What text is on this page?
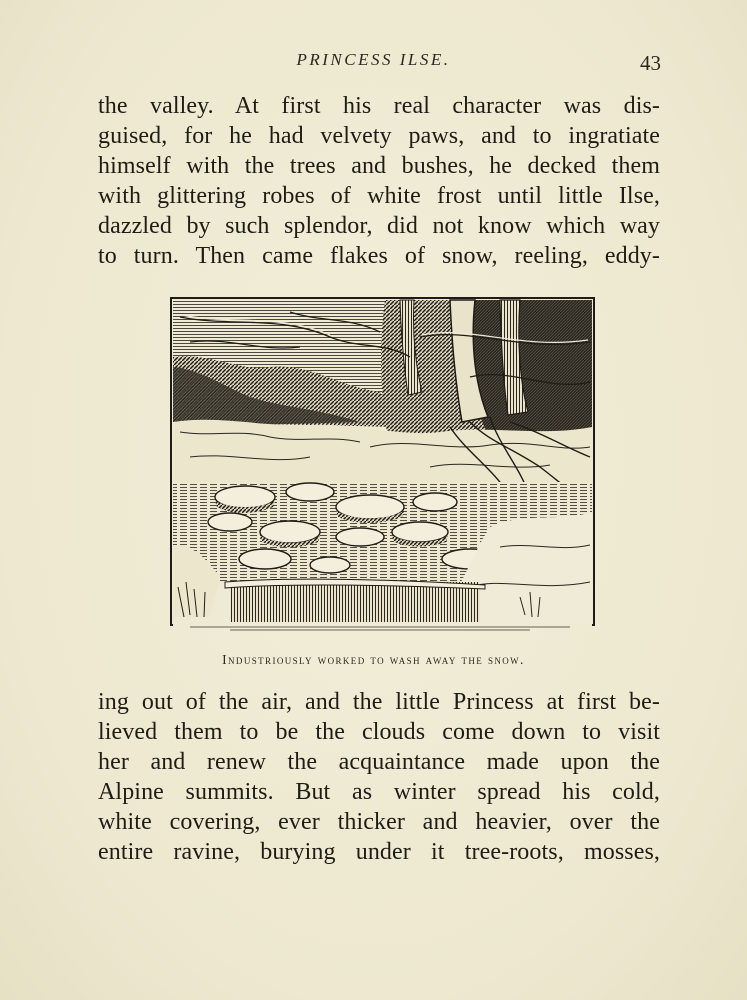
PRINCESS ILSE.	43
the valley. At first his real character was dis-
guised, for he had velvety paws, and to ingratiate
himself with the trees and bushes, he decked them
with glittering robes of white frost until little Ilse,
dazzled by such splendor, did not know which way
to turn. Then came flakes of snow, reeling, eddy-
Industriously worked to wash away the snow.
ing out of the air, and the little Princess at first be-
lieved them to be the clouds come down to visit
her and renew the acquaintance made upon the
Alpine summits. But as winter spread his cold,
white covering, ever thicker and heavier, over the
entire ravine, burying under it tree-roots, mosses,
